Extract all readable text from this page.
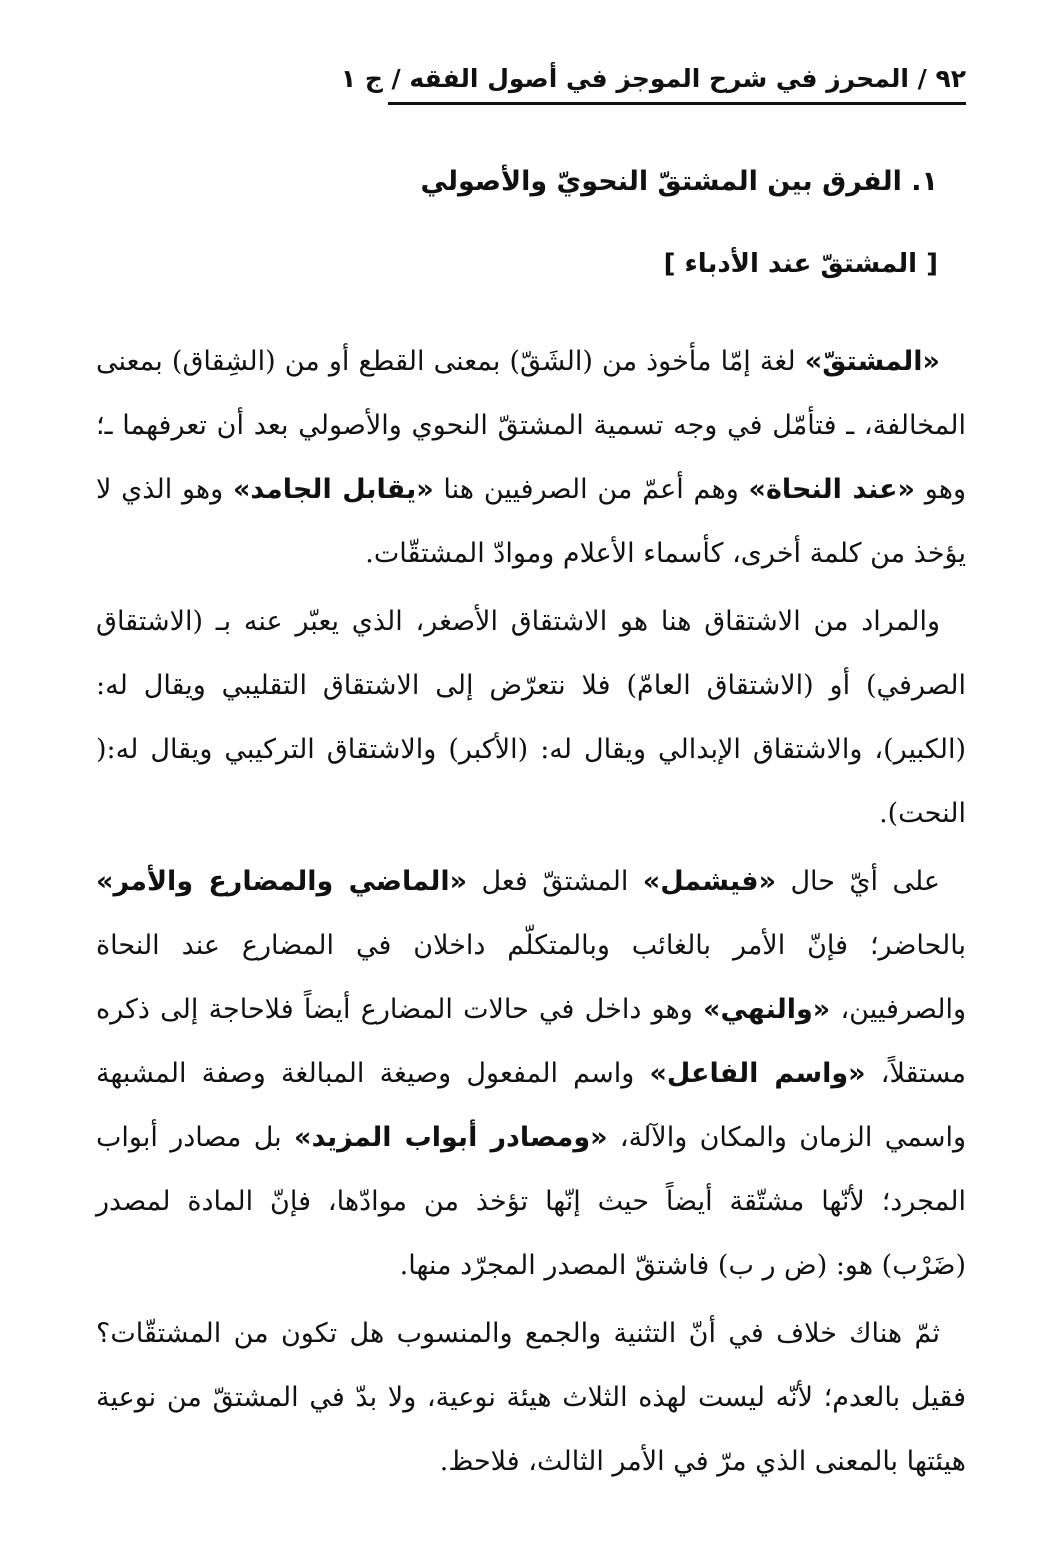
٩٢ / المحرز في شرح الموجز في أصول الفقه / ج ١
١. الفرق بين المشتقّ النحويّ والأصولي
[ المشتقّ عند الأدباء ]

«المشتقّ» لغة إمّا مأخوذ من (الشَقّ) بمعنى القطع أو من (الشِقاق) بمعنى المخالفة، ـ فتأمّل في وجه تسمية المشتقّ النحوي والأصولي بعد أن تعرفهما ـ؛ وهو «عند النحاة» وهم أعمّ من الصرفيين هنا «يقابل الجامد» وهو الذي لا يؤخذ من كلمة أخرى، كأسماء الأعلام وموادّ المشتقّات.

والمراد من الاشتقاق هنا هو الاشتقاق الأصغر، الذي يعبّر عنه بـ (الاشتقاق الصرفي) أو (الاشتقاق العامّ) فلا نتعرّض إلى الاشتقاق التقليبي ويقال له: (الكبير)، والاشتقاق الإبدالي ويقال له: (الأكبر) والاشتقاق التركيبي ويقال له:( النحت).

على أيّ حال «فيشمل» المشتقّ فعل «الماضي والمضارع والأمر» بالحاضر؛ فإنّ الأمر بالغائب وبالمتكلّم داخلان في المضارع عند النحاة والصرفيين، «والنهي» وهو داخل في حالات المضارع أيضاً فلاحاجة إلى ذكره مستقلاً، «واسم الفاعل» واسم المفعول وصيغة المبالغة وصفة المشبهة واسمي الزمان والمكان والآلة، «ومصادر أبواب المزيد» بل مصادر أبواب المجرد؛ لأنّها مشتّقة أيضاً حيث إنّها تؤخذ من موادّها، فإنّ المادة لمصدر (ضَرْب) هو: (ض ر ب) فاشتقّ المصدر المجرّد منها.

ثمّ هناك خلاف في أنّ التثنية والجمع والمنسوب هل تكون من المشتقّات؟ فقيل بالعدم؛ لأنّه ليست لهذه الثلاث هيئة نوعية، ولا بدّ في المشتقّ من نوعية هيئتها بالمعنى الذي مرّ في الأمر الثالث، فلاحظ.
